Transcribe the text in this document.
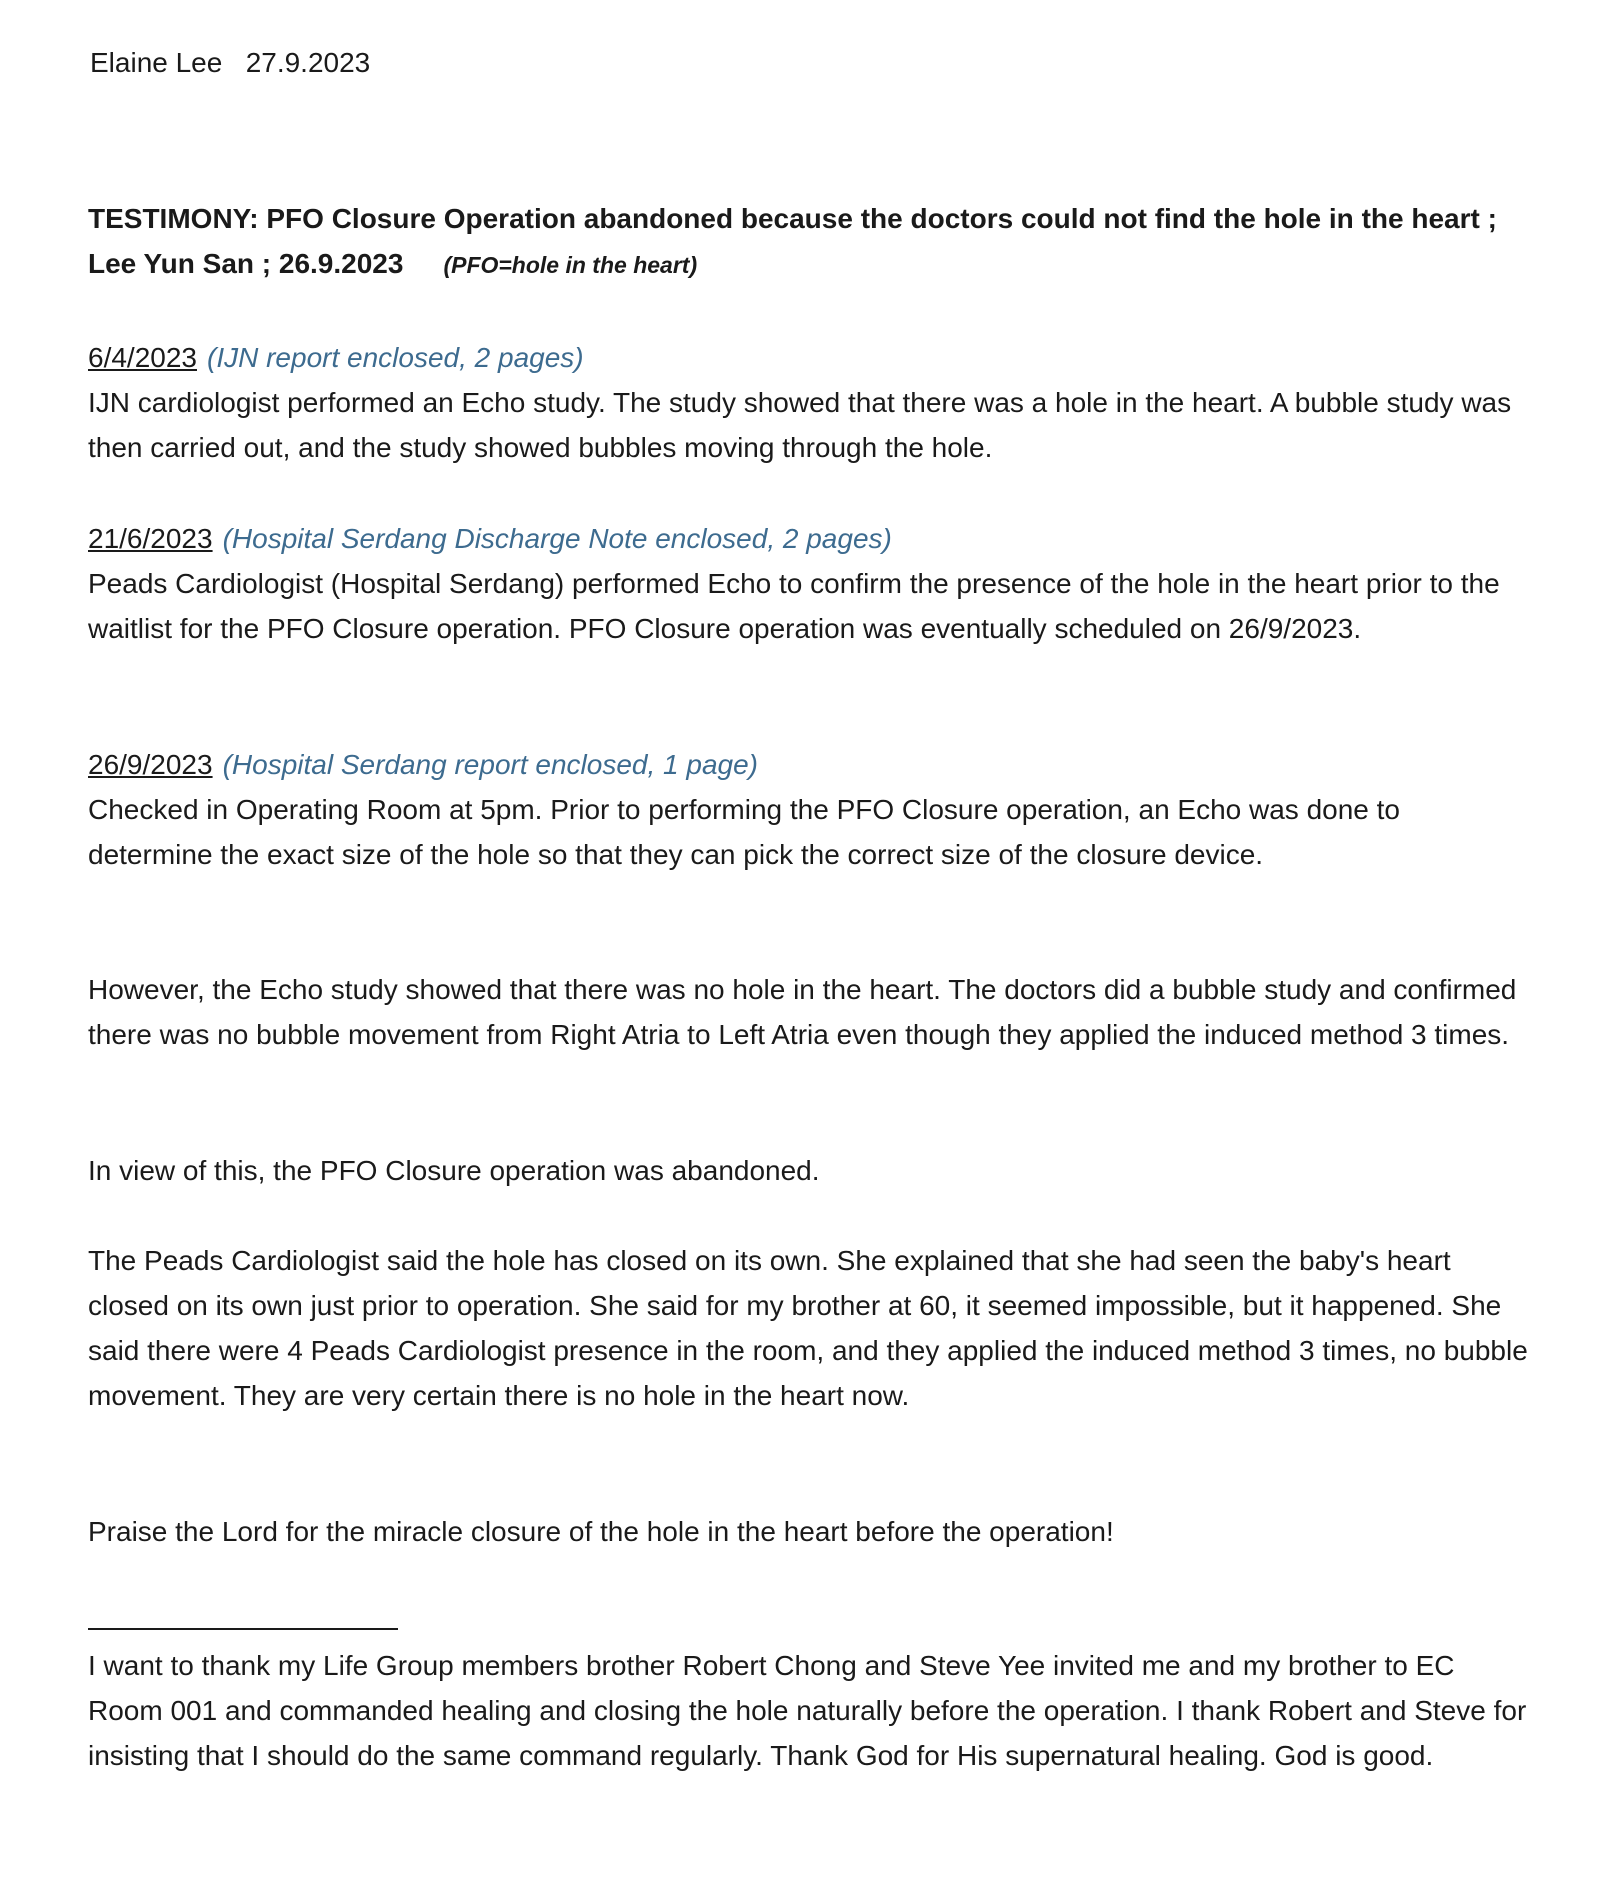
Elaine Lee 27.9.2023
TESTIMONY: PFO Closure Operation abandoned because the doctors could not find the hole in the heart ; Lee Yun San ; 26.9.2023 (PFO=hole in the heart)

6/4/2023 (IJN report enclosed, 2 pages)

IJN cardiologist performed an Echo study. The study showed that there was a hole in the heart. A bubble study was then carried out, and the study showed bubbles moving through the hole.

21/6/2023 (Hospital Serdang Discharge Note enclosed, 2 pages)

Peads Cardiologist (Hospital Serdang) performed Echo to confirm the presence of the hole in the heart prior to the waitlist for the PFO Closure operation. PFO Closure operation was eventually scheduled on 26/9/2023.

26/9/2023 (Hospital Serdang report enclosed, 1 page)

Checked in Operating Room at 5pm. Prior to performing the PFO Closure operation, an Echo was done to determine the exact size of the hole so that they can pick the correct size of the closure device.

However, the Echo study showed that there was no hole in the heart. The doctors did a bubble study and confirmed there was no bubble movement from Right Atria to Left Atria even though they applied the induced method 3 times.
In view of this, the PFO Closure operation was abandoned.
The Peads Cardiologist said the hole has closed on its own. She explained that she had seen the baby's heart closed on its own just prior to operation. She said for my brother at 60, it seemed impossible, but it happened. She said there were 4 Peads Cardiologist presence in the room, and they applied the induced method 3 times, no bubble movement. They are very certain there is no hole in the heart now.
Praise the Lord for the miracle closure of the hole in the heart before the operation!
I want to thank my Life Group members brother Robert Chong and Steve Yee invited me and my brother to EC Room 001 and commanded healing and closing the hole naturally before the operation. I thank Robert and Steve for insisting that I should do the same command regularly. Thank God for His supernatural healing. God is good.
